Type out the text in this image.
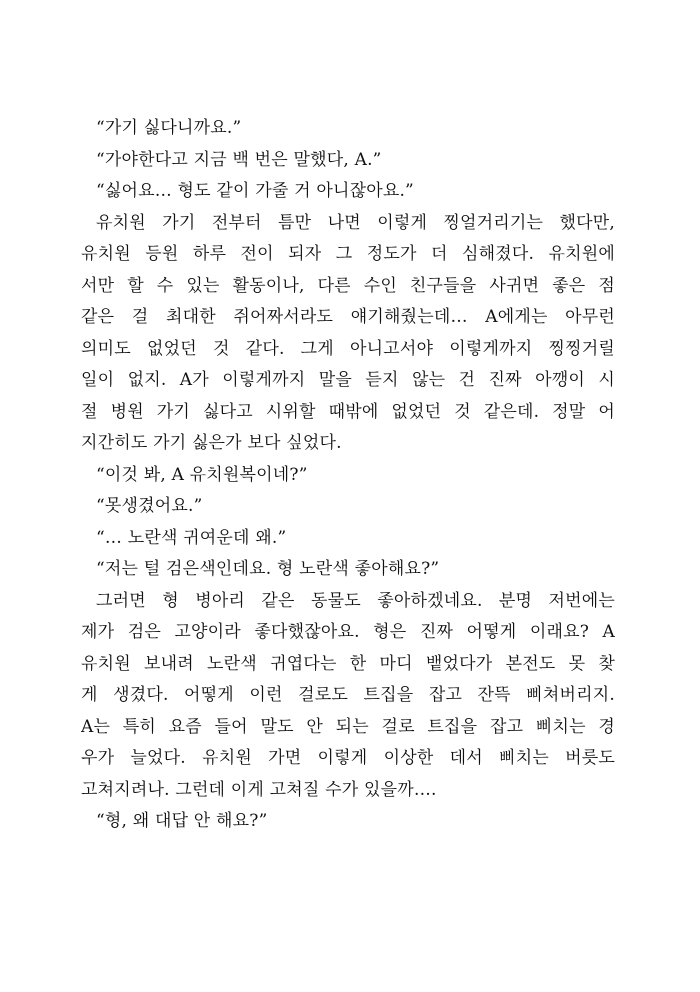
“가기 싫다니까요.”
“가야한다고 지금 백 번은 말했다, A.”
“싫어요… 형도 같이 가줄 거 아니잖아요.”
유치원 가기 전부터 틈만 나면 이렇게 찡얼거리기는 했다만,
유치원 등원 하루 전이 되자 그 정도가 더 심해졌다. 유치원에
서만 할 수 있는 활동이나, 다른 수인 친구들을 사귀면 좋은 점
같은 걸 최대한 쥐어짜서라도 얘기해줬는데… A에게는 아무런
의미도 없었던 것 같다. 그게 아니고서야 이렇게까지 찡찡거릴
일이 없지. A가 이렇게까지 말을 듣지 않는 건 진짜 아깽이 시
절 병원 가기 싫다고 시위할 때밖에 없었던 것 같은데. 정말 어
지간히도 가기 싫은가 보다 싶었다.
“이것 봐, A 유치원복이네?”
“못생겼어요.”
“… 노란색 귀여운데 왜.”
“저는 털 검은색인데요. 형 노란색 좋아해요?”
그러면 형 병아리 같은 동물도 좋아하겠네요. 분명 저번에는
제가 검은 고양이라 좋다했잖아요. 형은 진짜 어떻게 이래요? A
유치원 보내려 노란색 귀엽다는 한 마디 뱉었다가 본전도 못 찾
게 생겼다. 어떻게 이런 걸로도 트집을 잡고 잔뜩 삐쳐버리지.
A는 특히 요즘 들어 말도 안 되는 걸로 트집을 잡고 삐치는 경
우가 늘었다. 유치원 가면 이렇게 이상한 데서 삐치는 버릇도
고쳐지려나. 그런데 이게 고쳐질 수가 있을까….
“형, 왜 대답 안 해요?”
